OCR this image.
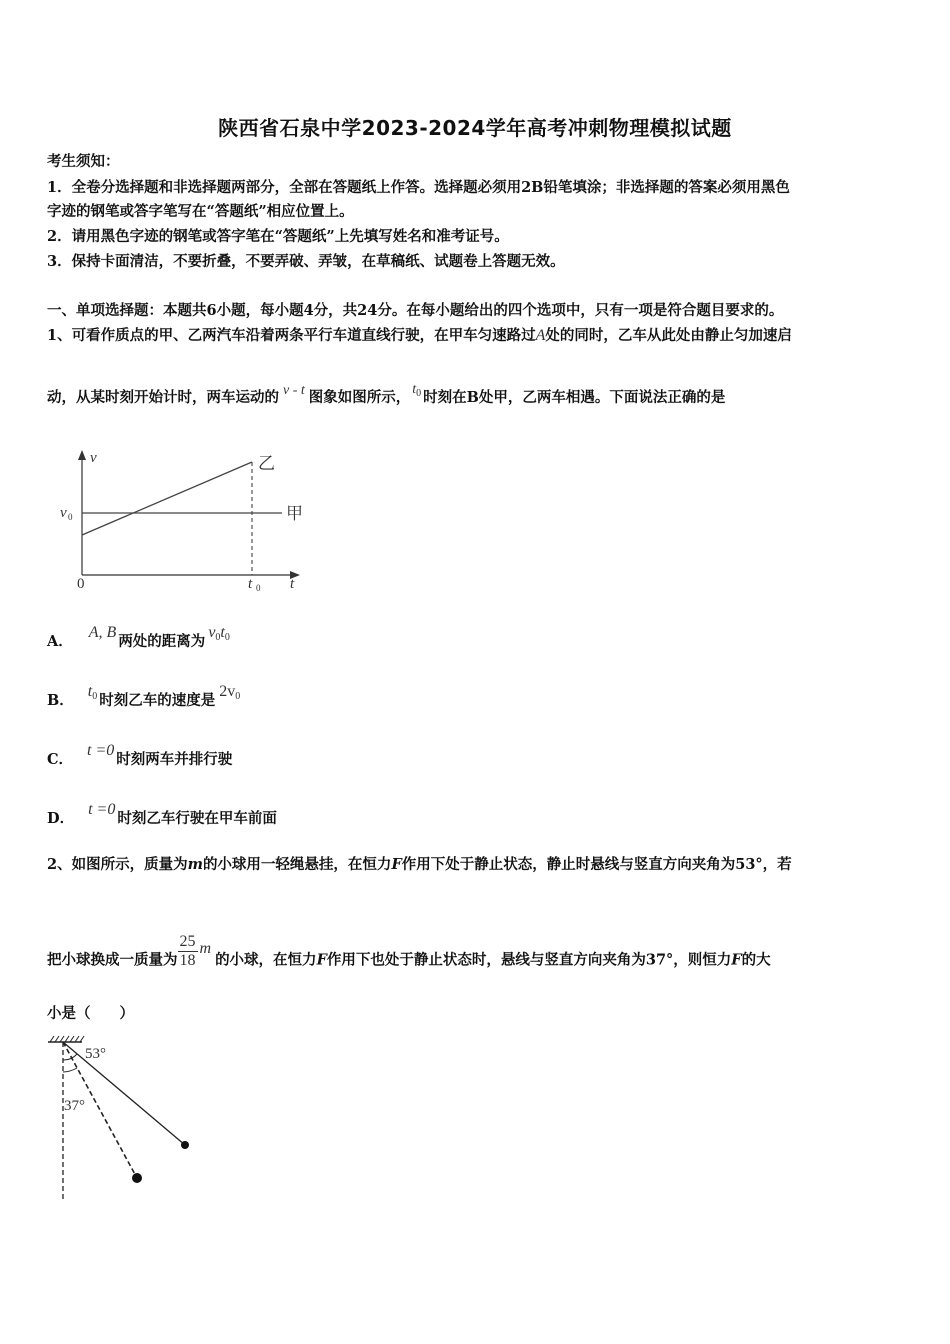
陕西省石泉中学2023-2024学年高考冲刺物理模拟试题
考生须知：
1．全卷分选择题和非选择题两部分，全部在答题纸上作答。选择题必须用2B铅笔填涂；非选择题的答案必须用黑色
字迹的钢笔或答字笔写在“答题纸”相应位置上。
2．请用黑色字迹的钢笔或答字笔在“答题纸”上先填写姓名和准考证号。
3．保持卡面清洁，不要折叠，不要弄破、弄皱，在草稿纸、试题卷上答题无效。
一、单项选择题：本题共6小题，每小题4分，共24分。在每小题给出的四个选项中，只有一项是符合题目要求的。
1、可看作质点的甲、乙两汽车沿着两条平行车道直线行驶，在甲车匀速路过A处的同时，乙车从此处由静止匀加速启
动，从某时刻开始计时，两车运动的 v - t 图象如图所示， $t_0$ 时刻在B处甲，乙两车相遇。下面说法正确的是
v
t
0
v 0
t 0
甲
乙
A．A, B两处的距离为$v_0t_0$
B．$t_0$ 时刻乙车的速度是$2v_0$
C．t =0时刻两车并排行驶
D．t =0时刻乙车行驶在甲车前面
2、如图所示，质量为m的小球用一轻绳悬挂，在恒力F作用下处于静止状态，静止时悬线与竖直方向夹角为53°，若
把小球换成一质量为 $\frac{25}{18}$ m的小球，在恒力F作用下也处于静止状态时，悬线与竖直方向夹角为37°，则恒力F的大
小是（　　）
53°
37°
